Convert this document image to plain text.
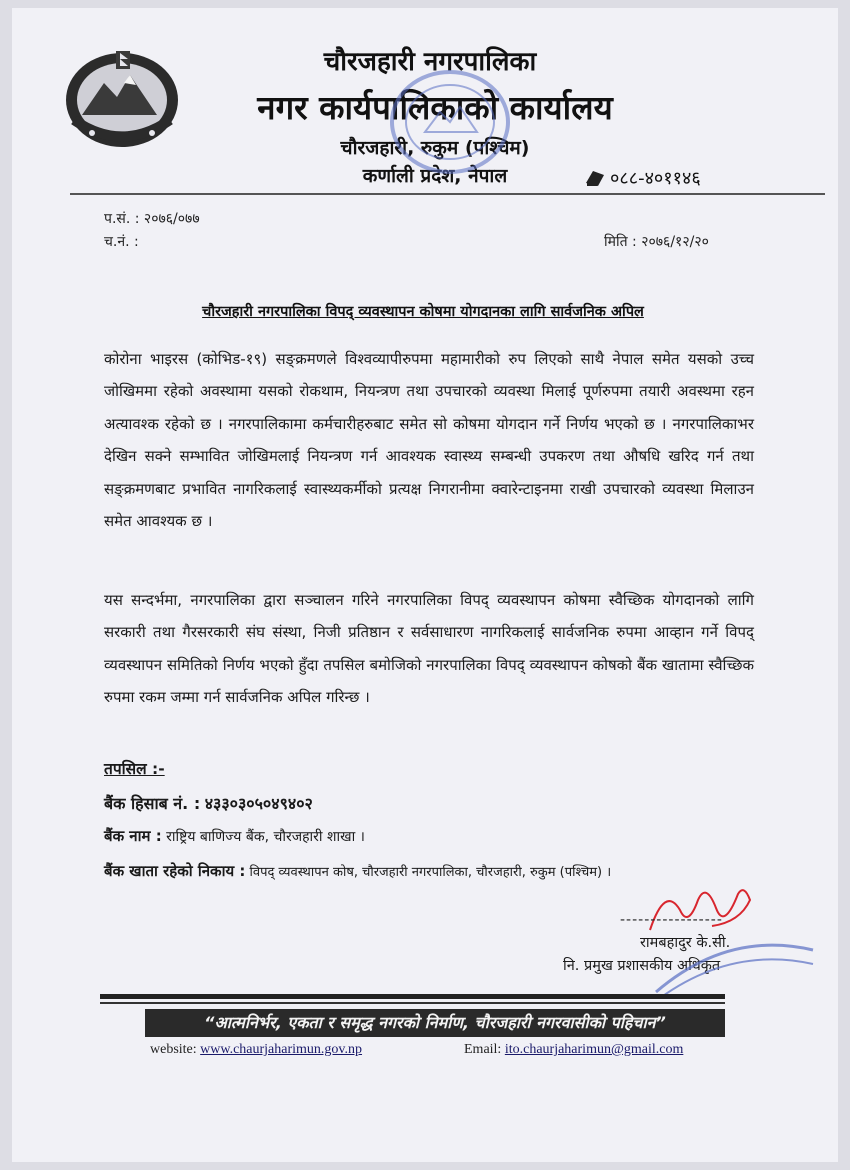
चौरजहारी नगरपालिका
नगर कार्यपालिकाको कार्यालय
चौरजहारी, रुकुम (पश्चिम)
कर्णाली प्रदेश, नेपाल	०८८-४०११४६
प.सं. : २०७६/०७७
च.नं. :	मिति : २०७६/१२/२०
चौरजहारी नगरपालिका विपद् व्यवस्थापन कोषमा योगदानका लागि सार्वजनिक अपिल
कोरोना भाइरस (कोभिड-१९) सङ्क्रमणले विश्वव्यापीरुपमा महामारीको रुप लिएको साथै नेपाल समेत यसको उच्च जोखिममा रहेको अवस्थामा यसको रोकथाम, नियन्त्रण तथा उपचारको व्यवस्था मिलाई पूर्णरुपमा तयारी अवस्थमा रहन अत्यावश्क रहेको छ । नगरपालिकामा कर्मचारीहरुबाट समेत सो कोषमा योगदान गर्ने निर्णय भएको छ । नगरपालिकाभर देखिन सक्ने सम्भावित जोखिमलाई नियन्त्रण गर्न आवश्यक स्वास्थ्य सम्बन्धी उपकरण तथा औषधि खरिद गर्न तथा सङ्क्रमणबाट प्रभावित नागरिकलाई स्वास्थ्यकर्मीको प्रत्यक्ष निगरानीमा क्वारेन्टाइनमा राखी उपचारको व्यवस्था मिलाउन समेत आवश्यक छ ।
यस सन्दर्भमा, नगरपालिका द्वारा सञ्चालन गरिने नगरपालिका विपद् व्यवस्थापन कोषमा स्वैच्छिक योगदानको लागि सरकारी तथा गैरसरकारी संघ संस्था, निजी प्रतिष्ठान र सर्वसाधारण नागरिकलाई सार्वजनिक रुपमा आव्हान गर्ने विपद् व्यवस्थापन समितिको निर्णय भएको हुँदा तपसिल बमोजिको नगरपालिका विपद् व्यवस्थापन कोषको बैंक खातामा स्वैच्छिक रुपमा रकम जम्मा गर्न सार्वजनिक अपिल गरिन्छ ।
तपसिल :-
बैंक हिसाब नं. : ४३३०३०५०४९४०२
बैंक नाम : राष्ट्रिय बाणिज्य बैंक, चौरजहारी शाखा ।
बैंक खाता रहेको निकाय : विपद् व्यवस्थापन कोष, चौरजहारी नगरपालिका, चौरजहारी, रुकुम (पश्चिम) ।
-----------------
रामबहादुर के.सी.
नि. प्रमुख प्रशासकीय अधिकृत
“आत्मनिर्भर, एकता र समृद्ध नगरको निर्माण, चौरजहारी नगरवासीको पहिचान”
website: www.chaurjaharimun.gov.np	Email: ito.chaurjaharimun@gmail.com
